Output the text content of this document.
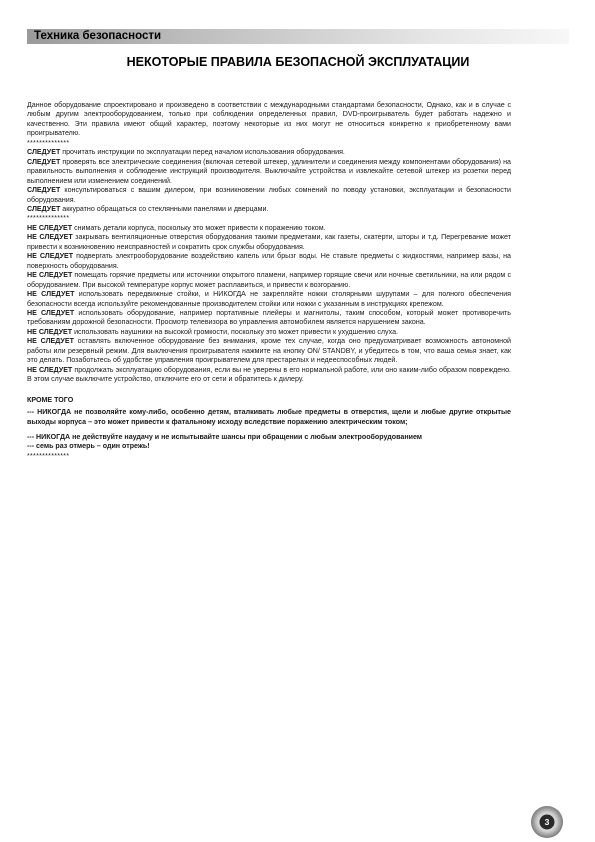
Техника безопасности
НЕКОТОРЫЕ ПРАВИЛА БЕЗОПАСНОЙ ЭКСПЛУАТАЦИИ

Данное оборудование спроектировано и произведено в соответствии с международными стандартами безопасности, Однако, как и в случае с любым другим электрооборудованием, только при соблюдении определенных правил, DVD-проигрыватель будет работать надежно и качественно. Эти правила имеют общий характер, поэтому некоторые из них могут не относиться конкретно к приобретенному вами проигрывателю.

**************

СЛЕДУЕТ прочитать инструкции по эксплуатации перед началом использования оборудования.

СЛЕДУЕТ проверять все электрические соединения (включая сетевой штекер, удлинители и соединения между компонентами оборудования) на правильность выполнения и соблюдение инструкций производителя. Выключайте устройства и извлекайте сетевой штекер из розетки перед выполнением или изменением соединений.

СЛЕДУЕТ консультироваться с вашим дилером, при возникновении любых сомнений по поводу установки, эксплуатации и безопасности оборудования.

СЛЕДУЕТ аккуратно обращаться со стеклянными панелями и дверцами.

**************

НЕ СЛЕДУЕТ снимать детали корпуса, поскольку это может привести к поражению током.

НЕ СЛЕДУЕТ закрывать вентиляционные отверстия оборудования такими предметами, как газеты, скатерти, шторы и т.д. Перегревание может привести к возникновению неисправностей и сократить срок службы оборудования.

НЕ СЛЕДУЕТ подвергать электрооборудование воздействию капель или брызг воды. Не ставьте предметы с жидкостями, например вазы, на поверхность оборудования.

НЕ СЛЕДУЕТ помещать горячие предметы или источники открытого пламени, например горящие свечи или ночные светильники, на или рядом с оборудованием. При высокой температуре корпус может расплавиться, и привести к возгоранию.

НЕ СЛЕДУЕТ использовать передвижные стойки, и НИКОГДА не закрепляйте ножки столярными шурупами – для полного обеспечения безопасности всегда используйте рекомендованные производителем стойки или ножки с указанным в инструкциях крепежом.

НЕ СЛЕДУЕТ использовать оборудование, например портативные плейеры и магнитолы, таким способом, который может противоречить требованиям дорожной безопасности. Просмотр телевизора во управления автомобилем является нарушением закона.

НЕ СЛЕДУЕТ использовать наушники на высокой громкости, поскольку это может привести к ухудшению слуха.

НЕ СЛЕДУЕТ оставлять включенное оборудование без внимания, кроме тех случае, когда оно предусматривает возможность автономной работы или резервный режим. Для выключения проигрывателя нажмите на кнопку ON/ STANDBY, и убедитесь в том, что ваша семья знает, как это делать. Позаботьтесь об удобстве управления проигрывателем для престарелых и недееспособных людей.

НЕ СЛЕДУЕТ продолжать эксплуатацию оборудования, если вы не уверены в его нормальной работе, или оно каким-либо образом повреждено. В этом случае выключите устройство, отключите его от сети и обратитесь к дилеру.

КРОМЕ ТОГО

--- НИКОГДА не позволяйте кому-либо, особенно детям, вталкивать любые предметы в отверстия, щели и любые другие открытые выходы корпуса – это может привести к фатальному исходу вследствие поражению электрическим током;

--- НИКОГДА не действуйте наудачу и не испытывайте шансы при обращении с любым электрооборудованием

--- семь раз отмерь – один отрежь!

**************

3
